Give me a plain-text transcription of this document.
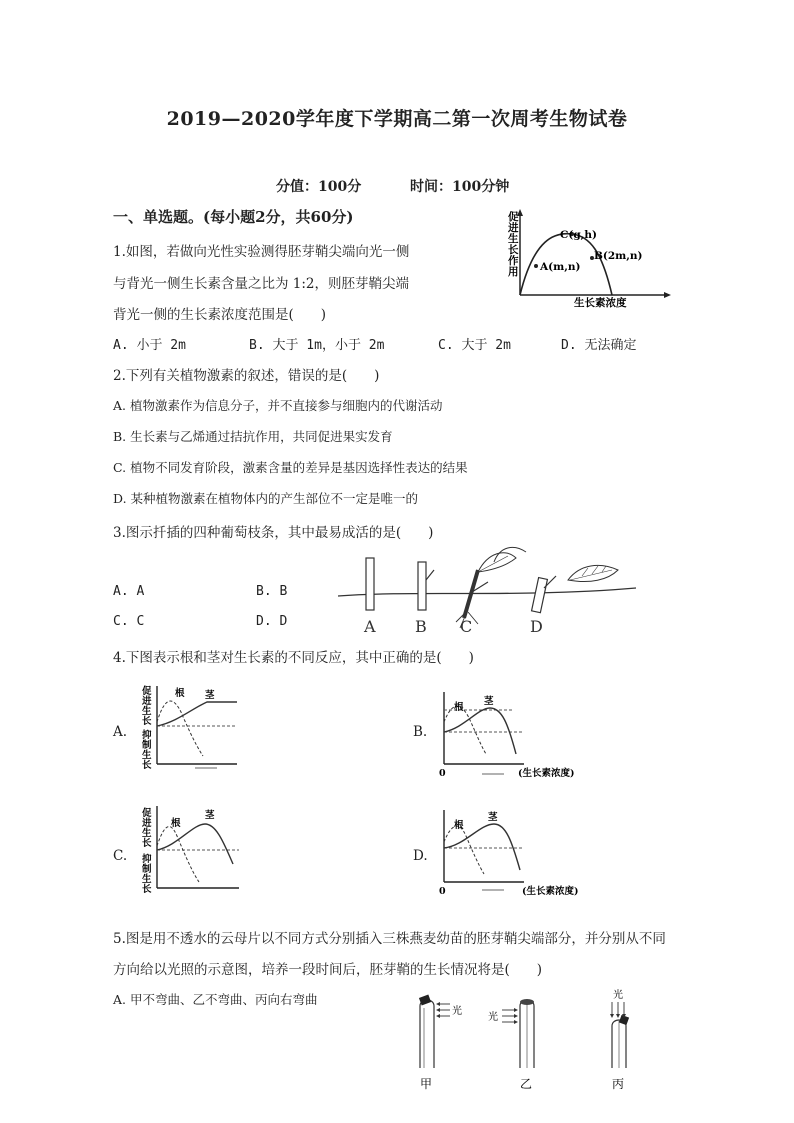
2019—2020学年度下学期高二第一次周考生物试卷
分值：100分	时间：100分钟
一、单选题。(每小题2分，共60分)
1.如图，若做向光性实验测得胚芽鞘尖端向光一侧
与背光一侧生长素含量之比为 1:2，则胚芽鞘尖端
背光一侧的生长素浓度范围是(　　)
A. 小于 2m	B. 大于 1m，小于 2m	C. 大于 2m	D. 无法确定
促
进
生
长
作
用
C(g,h)
A(m,n)
B(2m,n)
生长素浓度
2.下列有关植物激素的叙述，错误的是(　　)
A. 植物激素作为信息分子，并不直接参与细胞内的代谢活动
B. 生长素与乙烯通过拮抗作用，共同促进果实发育
C. 植物不同发育阶段，激素含量的差异是基因选择性表达的结果
D. 某种植物激素在植物体内的产生部位不一定是唯一的
3.图示扦插的四种葡萄枝条，其中最易成活的是(　　)
A. A	B. B
C. C	D. D	A B C	D
4.下图表示根和茎对生长素的不同反应，其中正确的是(　　)
A.
促
进
生
长
抑
制
生
长
根 茎
B.
根
茎
0	(生长素浓度)
C.
促
进
生
长
抑
制
生
长
根
茎
D.
根
茎
0	(生长素浓度)
5.图是用不透水的云母片以不同方式分别插入三株燕麦幼苗的胚芽鞘尖端部分，并分别从不同
方向给以光照的示意图，培养一段时间后，胚芽鞘的生长情况将是(　　)
A. 甲不弯曲、乙不弯曲、丙向右弯曲
光
光
光
甲	乙	丙
